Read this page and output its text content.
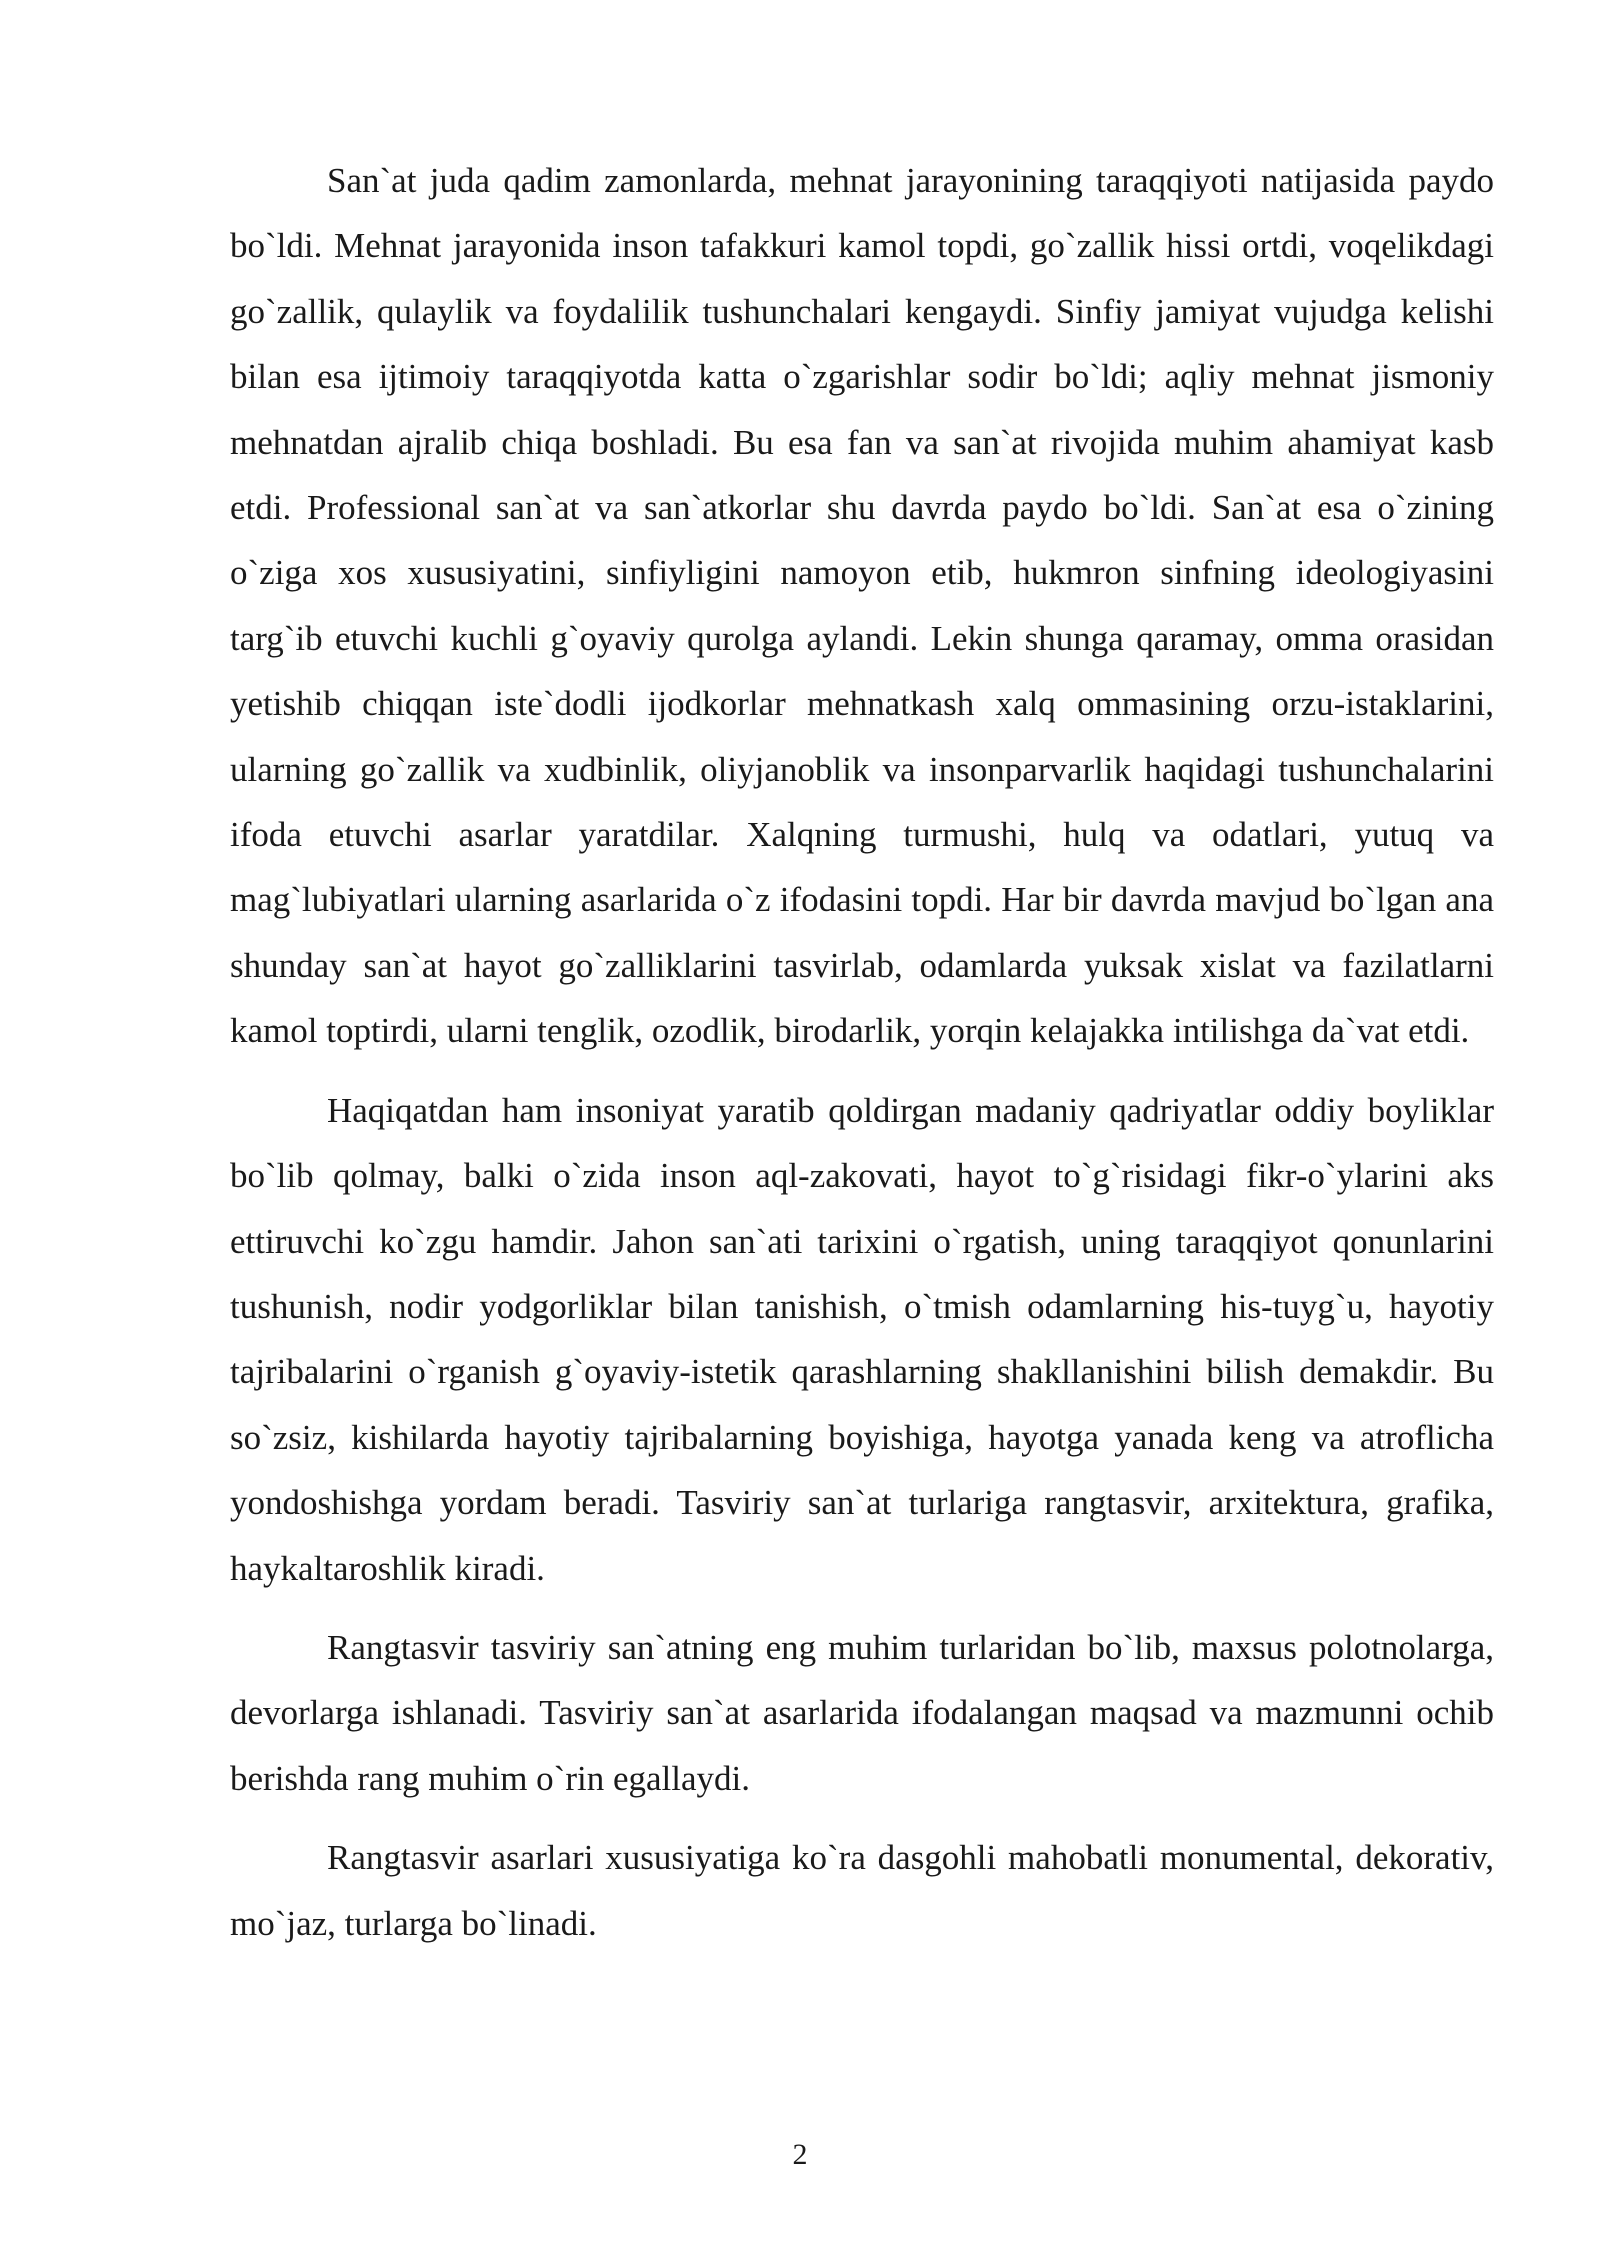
San`at juda qadim zamonlarda, mehnat jarayonining taraqqiyoti natijasida paydo bo`ldi. Mehnat jarayonida inson tafakkuri kamol topdi, go`zallik hissi ortdi, voqelikdagi go`zallik, qulaylik va foydalilik tushunchalari kengaydi. Sinfiy jamiyat vujudga kelishi bilan esa ijtimoiy taraqqiyotda katta o`zgarishlar sodir bo`ldi; aqliy mehnat jismoniy mehnatdan ajralib chiqa boshladi. Bu esa fan va san`at rivojida muhim ahamiyat kasb etdi. Professional san`at va san`atkorlar shu davrda paydo bo`ldi. San`at esa o`zining o`ziga xos xususiyatini, sinfiyligini namoyon etib, hukmron sinfning ideologiyasini targ`ib etuvchi kuchli g`oyaviy qurolga aylandi. Lekin shunga qaramay, omma orasidan yetishib chiqqan iste`dodli ijodkorlar mehnatkash xalq ommasining orzu-istaklarini, ularning go`zallik va xudbinlik, oliyjanoblik va insonparvarlik haqidagi tushunchalarini ifoda etuvchi asarlar yaratdilar. Xalqning turmushi, hulq va odatlari, yutuq va mag`lubiyatlari ularning asarlarida o`z ifodasini topdi. Har bir davrda mavjud bo`lgan ana shunday san`at hayot go`zalliklarini tasvirlab, odamlarda yuksak xislat va fazilatlarni kamol toptirdi, ularni tenglik, ozodlik, birodarlik, yorqin kelajakka intilishga da`vat etdi.

Haqiqatdan ham insoniyat yaratib qoldirgan madaniy qadriyatlar oddiy boyliklar bo`lib qolmay, balki o`zida inson aql-zakovati, hayot to`g`risidagi fikr-o`ylarini aks ettiruvchi ko`zgu hamdir. Jahon san`ati tarixini o`rgatish, uning taraqqiyot qonunlarini tushunish, nodir yodgorliklar bilan tanishish, o`tmish odamlarning his-tuyg`u, hayotiy tajribalarini o`rganish g`oyaviy-istetik qarashlarning shakllanishini bilish demakdir. Bu so`zsiz, kishilarda hayotiy tajribalarning boyishiga, hayotga yanada keng va atroflicha yondoshishga yordam beradi. Tasviriy san`at turlariga rangtasvir, arxitektura, grafika, haykaltaroshlik kiradi.

Rangtasvir tasviriy san`atning eng muhim turlaridan bo`lib, maxsus polotnolarga, devorlarga ishlanadi. Tasviriy san`at asarlarida ifodalangan maqsad va mazmunni ochib berishda rang muhim o`rin egallaydi.

Rangtasvir asarlari xususiyatiga ko`ra dasgohli mahobatli monumental, dekorativ, mo`jaz, turlarga bo`linadi.

2
